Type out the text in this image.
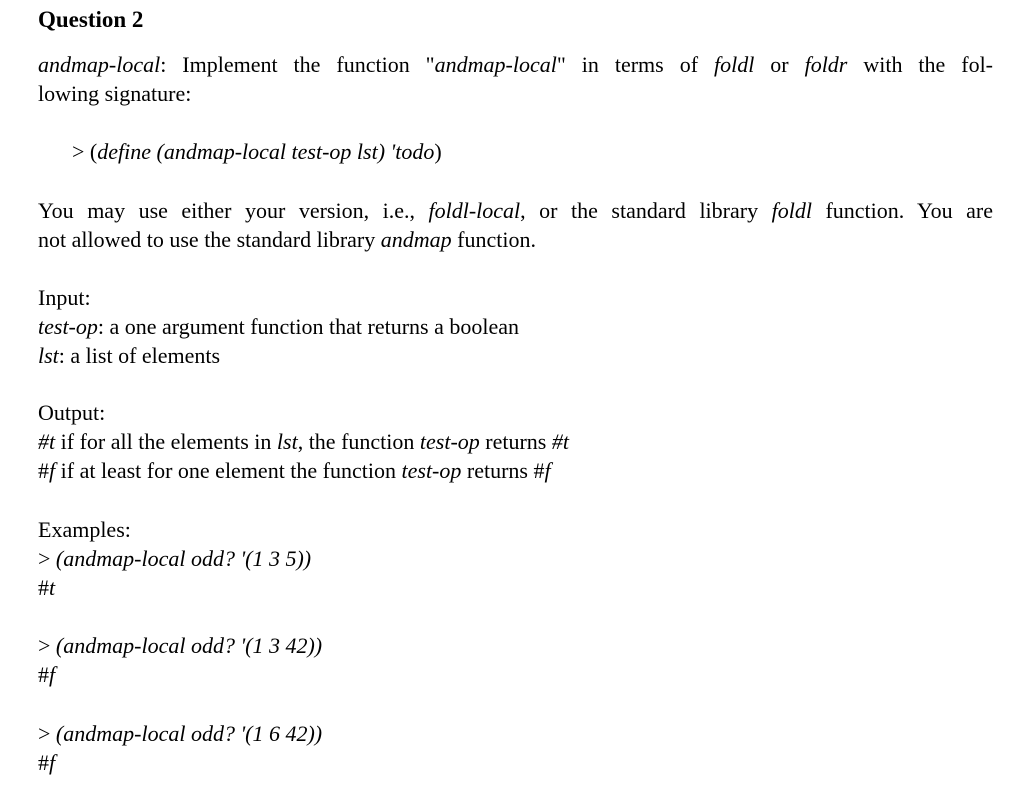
Question 2
andmap-local: Implement the function "andmap-local" in terms of foldl or foldr with the fol-
lowing signature:
> (define (andmap-local test-op lst) 'todo)
You may use either your version, i.e., foldl-local, or the standard library foldl function. You are
not allowed to use the standard library andmap function.
Input:
test-op: a one argument function that returns a boolean
lst: a list of elements
Output:
#t if for all the elements in lst, the function test-op returns #t
#f if at least for one element the function test-op returns #f
Examples:
> (andmap-local odd? '(1 3 5))
#t
> (andmap-local odd? '(1 3 42))
#f
> (andmap-local odd? '(1 6 42))
#f
